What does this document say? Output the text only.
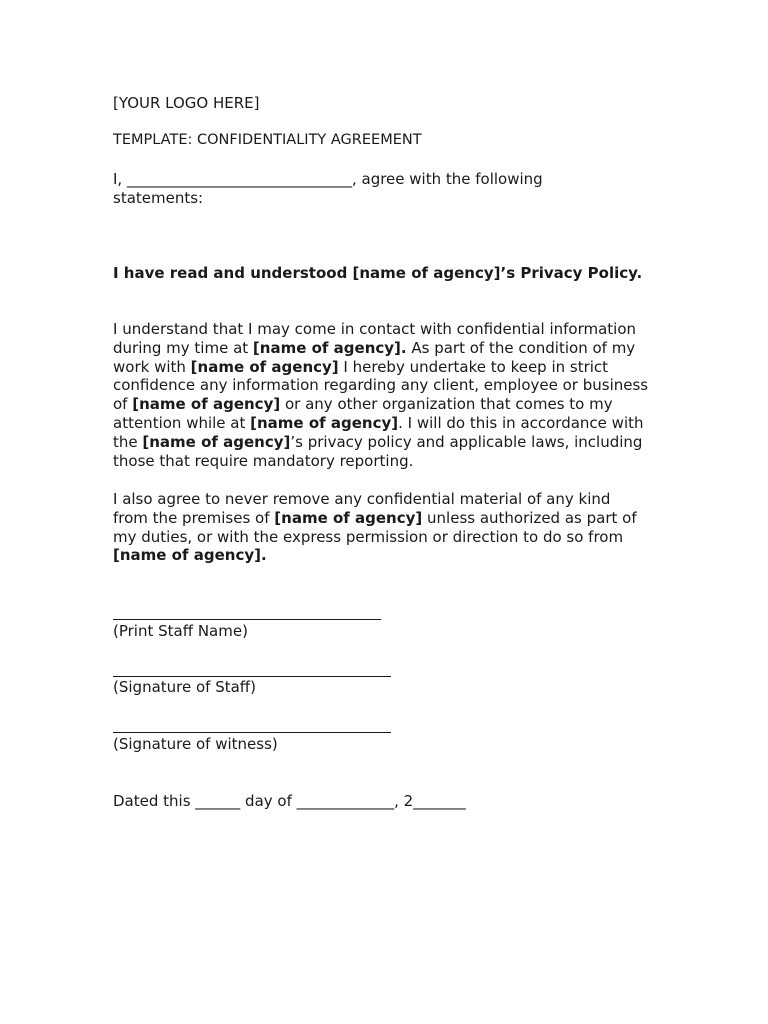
[YOUR LOGO HERE]
TEMPLATE: CONFIDENTIALITY AGREEMENT
I, ______________________________, agree with the following
statements:
I have read and understood [name of agency]’s Privacy Policy.
I understand that I may come in contact with confidential information
during my time at [name of agency]. As part of the condition of my
work with [name of agency] I hereby undertake to keep in strict
confidence any information regarding any client, employee or business
of [name of agency] or any other organization that comes to my
attention while at [name of agency]. I will do this in accordance with
the [name of agency]’s privacy policy and applicable laws, including
those that require mandatory reporting.
I also agree to never remove any confidential material of any kind
from the premises of [name of agency] unless authorized as part of
my duties, or with the express permission or direction to do so from
[name of agency].
(Print Staff Name)
(Signature of Staff)
(Signature of witness)
Dated this ______ day of _____________, 2_______
